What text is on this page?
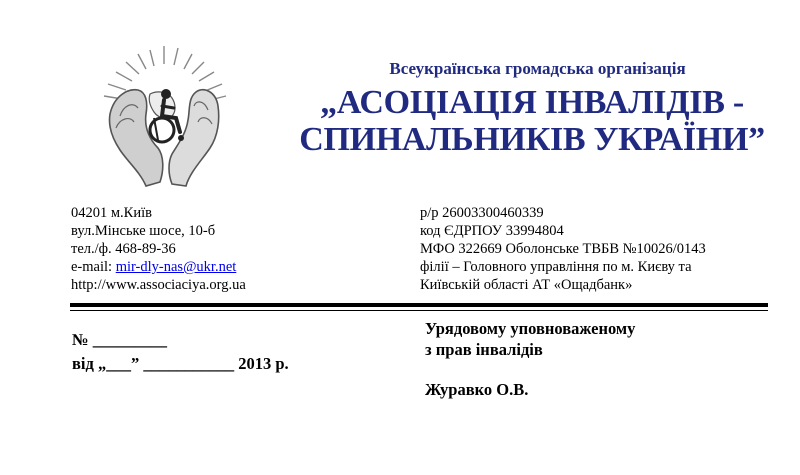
Всеукраїнська громадська організація
„АСОЦІАЦІЯ ІНВАЛІДІВ -
СПИНАЛЬНИКІВ УКРАЇНИ”
04201 м.Київ
вул.Мінське шосе, 10-б
тел./ф. 468-89-36
e-mail: mir-dly-nas@ukr.net
http://www.associaciya.org.ua
р/р 26003300460339
код ЄДРПОУ 33994804
МФО 322669 Оболонське ТВБВ №10026/0143
філії – Головного управління по м. Києву та
Київській області АТ «Ощадбанк»
№ _________
від „___” ___________ 2013 р.
Урядовому уповноваженому
з прав інвалідів
Журавко О.В.
